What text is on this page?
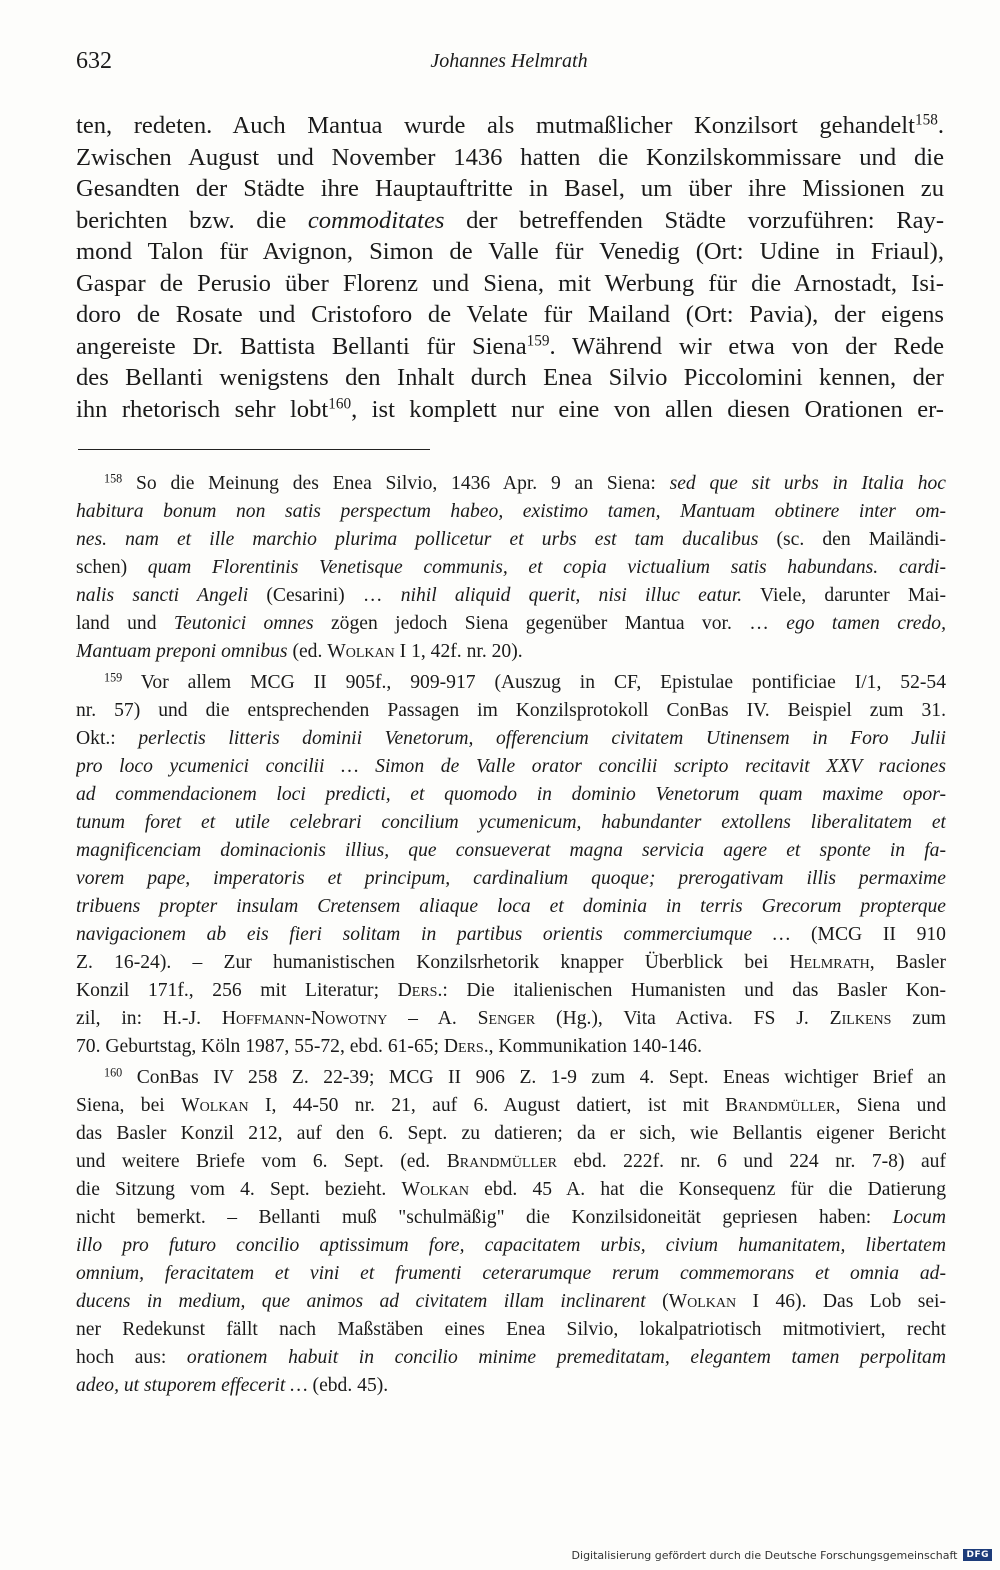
632	Johannes Helmrath
ten, redeten. Auch Mantua wurde als mutmaßlicher Konzilsort gehandelt$^{158}$.
Zwischen August und November 1436 hatten die Konzilskommissare und die
Gesandten der Städte ihre Hauptauftritte in Basel, um über ihre Missionen zu
berichten bzw. die commoditates der betreffenden Städte vorzuführen: Ray-
mond Talon für Avignon, Simon de Valle für Venedig (Ort: Udine in Friaul),
Gaspar de Perusio über Florenz und Siena, mit Werbung für die Arnostadt, Isi-
doro de Rosate und Cristoforo de Velate für Mailand (Ort: Pavia), der eigens
angereiste Dr. Battista Bellanti für Siena$^{159}$. Während wir etwa von der Rede
des Bellanti wenigstens den Inhalt durch Enea Silvio Piccolomini kennen, der
ihn rhetorisch sehr lobt$^{160}$, ist komplett nur eine von allen diesen Orationen er-
$^{158}$ So die Meinung des Enea Silvio, 1436 Apr. 9 an Siena: sed que sit urbs in Italia hoc
habitura bonum non satis perspectum habeo, existimo tamen, Mantuam obtinere inter om-
nes. nam et ille marchio plurima pollicetur et urbs est tam ducalibus (sc. den Mailändi-
schen) quam Florentinis Venetisque communis, et copia victualium satis habundans. cardi-
nalis sancti Angeli (Cesarini) … nihil aliquid querit, nisi illuc eatur. Viele, darunter Mai-
land und Teutonici omnes zögen jedoch Siena gegenüber Mantua vor. … ego tamen credo,
Mantuam preponi omnibus (ed. Wolkan I 1, 42f. nr. 20).
$^{159}$ Vor allem MCG II 905f., 909-917 (Auszug in CF, Epistulae pontificiae I/1, 52-54
nr. 57) und die entsprechenden Passagen im Konzilsprotokoll ConBas IV. Beispiel zum 31.
Okt.: perlectis litteris dominii Venetorum, offerencium civitatem Utinensem in Foro Julii
pro loco ycumenici concilii … Simon de Valle orator concilii scripto recitavit XXV raciones
ad commendacionem loci predicti, et quomodo in dominio Venetorum quam maxime opor-
tunum foret et utile celebrari concilium ycumenicum, habundanter extollens liberalitatem et
magnificenciam dominacionis illius, que consueverat magna servicia agere et sponte in fa-
vorem pape, imperatoris et principum, cardinalium quoque; prerogativam illis permaxime
tribuens propter insulam Cretensem aliaque loca et dominia in terris Grecorum propterque
navigacionem ab eis fieri solitam in partibus orientis commerciumque … (MCG II 910
Z. 16-24). – Zur humanistischen Konzilsrhetorik knapper Überblick bei Helmrath, Basler
Konzil 171f., 256 mit Literatur; Ders.: Die italienischen Humanisten und das Basler Kon-
zil, in: H.-J. Hoffmann-Nowotny – A. Senger (Hg.), Vita Activa. FS J. Zilkens zum
70. Geburtstag, Köln 1987, 55-72, ebd. 61-65; Ders., Kommunikation 140-146.
$^{160}$ ConBas IV 258 Z. 22-39; MCG II 906 Z. 1-9 zum 4. Sept. Eneas wichtiger Brief an
Siena, bei Wolkan I, 44-50 nr. 21, auf 6. August datiert, ist mit Brandmüller, Siena und
das Basler Konzil 212, auf den 6. Sept. zu datieren; da er sich, wie Bellantis eigener Bericht
und weitere Briefe vom 6. Sept. (ed. Brandmüller ebd. 222f. nr. 6 und 224 nr. 7-8) auf
die Sitzung vom 4. Sept. bezieht. Wolkan ebd. 45 A. hat die Konsequenz für die Datierung
nicht bemerkt. – Bellanti muß "schulmäßig" die Konzilsidoneität gepriesen haben: Locum
illo pro futuro concilio aptissimum fore, capacitatem urbis, civium humanitatem, libertatem
omnium, feracitatem et vini et frumenti ceterarumque rerum commemorans et omnia ad-
ducens in medium, que animos ad civitatem illam inclinarent (Wolkan I 46). Das Lob sei-
ner Redekunst fällt nach Maßstäben eines Enea Silvio, lokalpatriotisch mitmotiviert, recht
hoch aus: orationem habuit in concilio minime premeditatam, elegantem tamen perpolitam
adeo, ut stuporem effecerit … (ebd. 45).
Digitalisierung gefördert durch die Deutsche Forschungsgemeinschaft	DFG
